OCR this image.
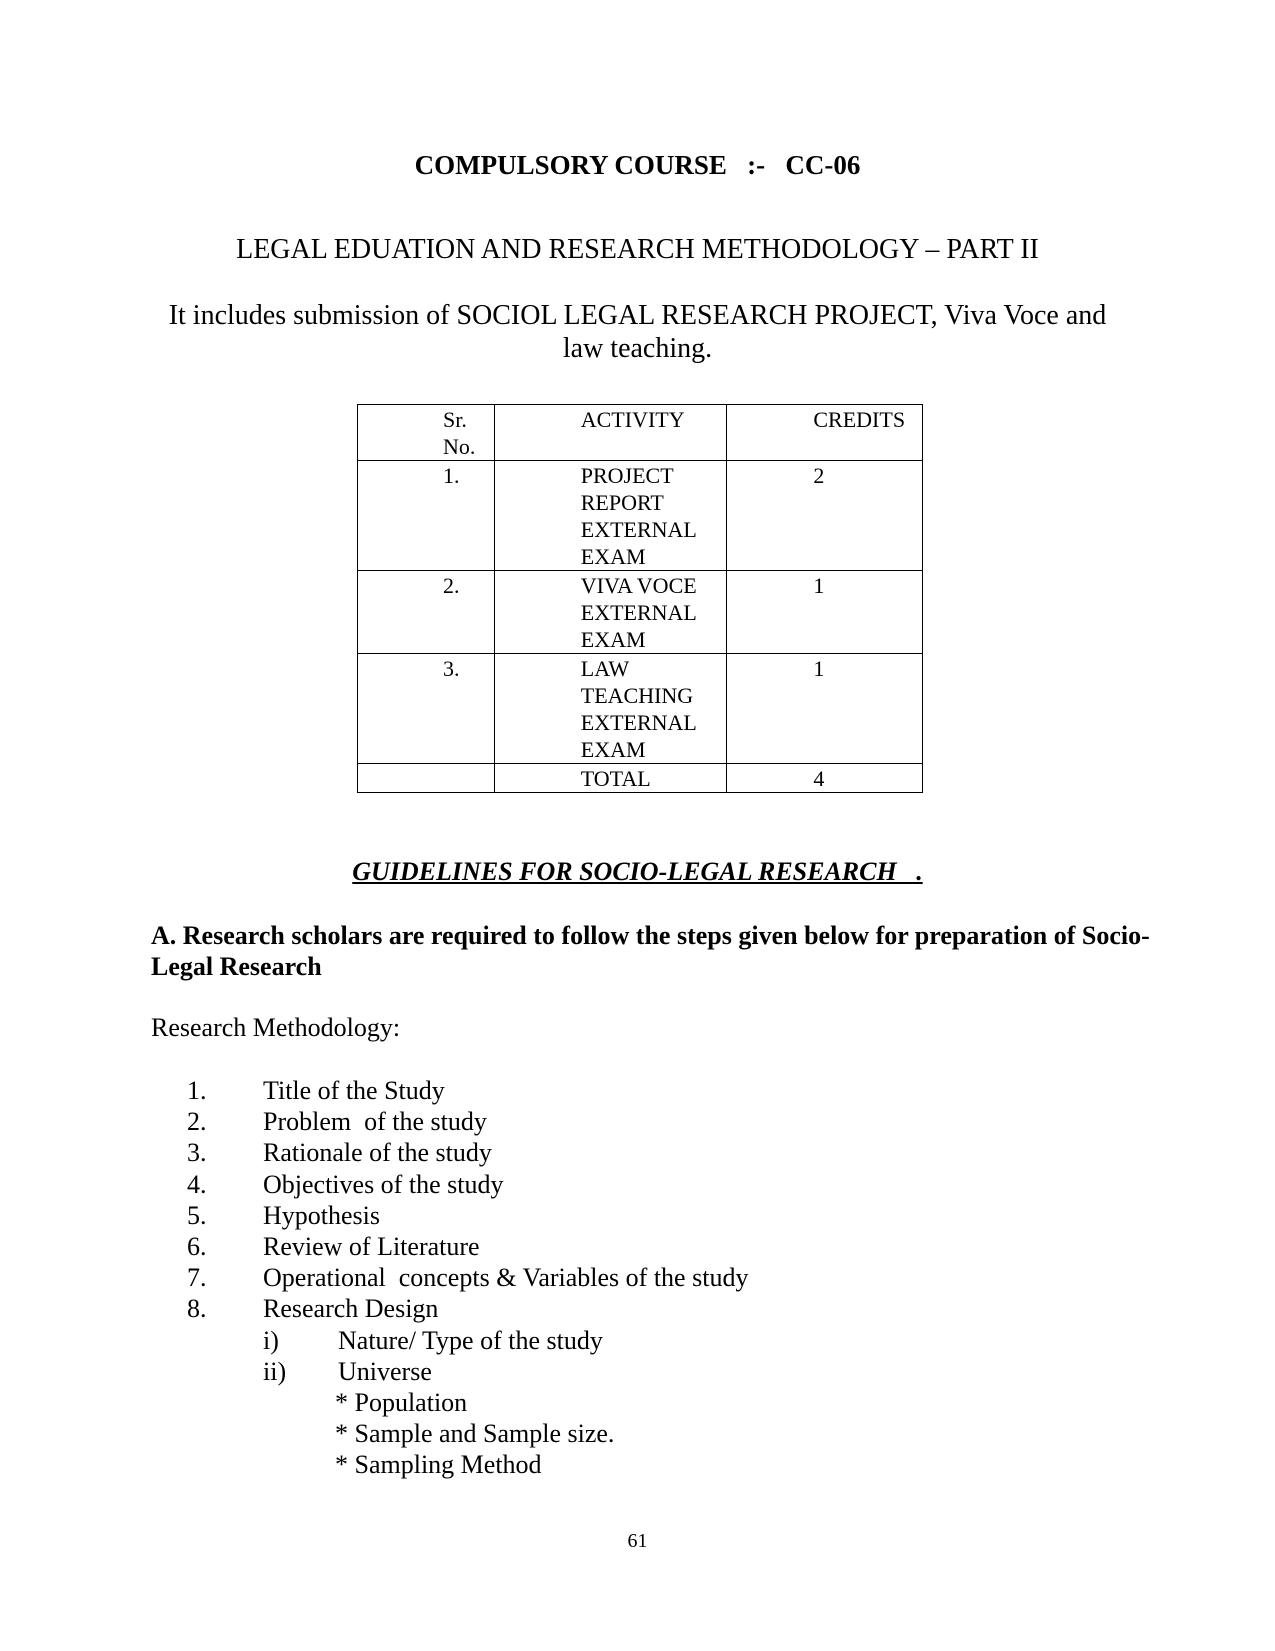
COMPULSORY COURSE   :-   CC-06
LEGAL EDUATION AND RESEARCH METHODOLOGY – PART II
It includes submission of SOCIOL LEGAL RESEARCH PROJECT, Viva Voce and law teaching.
Sr. No.	ACTIVITY	CREDITS
1.	PROJECT REPORT EXTERNAL EXAM	2
2.	VIVA VOCE EXTERNAL EXAM	1
3.	LAW TEACHING EXTERNAL EXAM	1
	TOTAL	4
GUIDELINES FOR SOCIO-LEGAL RESEARCH   .
A. Research scholars are required to follow the steps given below for preparation of Socio-Legal Research
Research Methodology:
1. Title of the Study
2. Problem  of the study
3. Rationale of the study
4. Objectives of the study
5. Hypothesis
6. Review of Literature
7. Operational  concepts & Variables of the study
8. Research Design
i) Nature/ Type of the study
ii) Universe
* Population
* Sample and Sample size.
* Sampling Method
61
